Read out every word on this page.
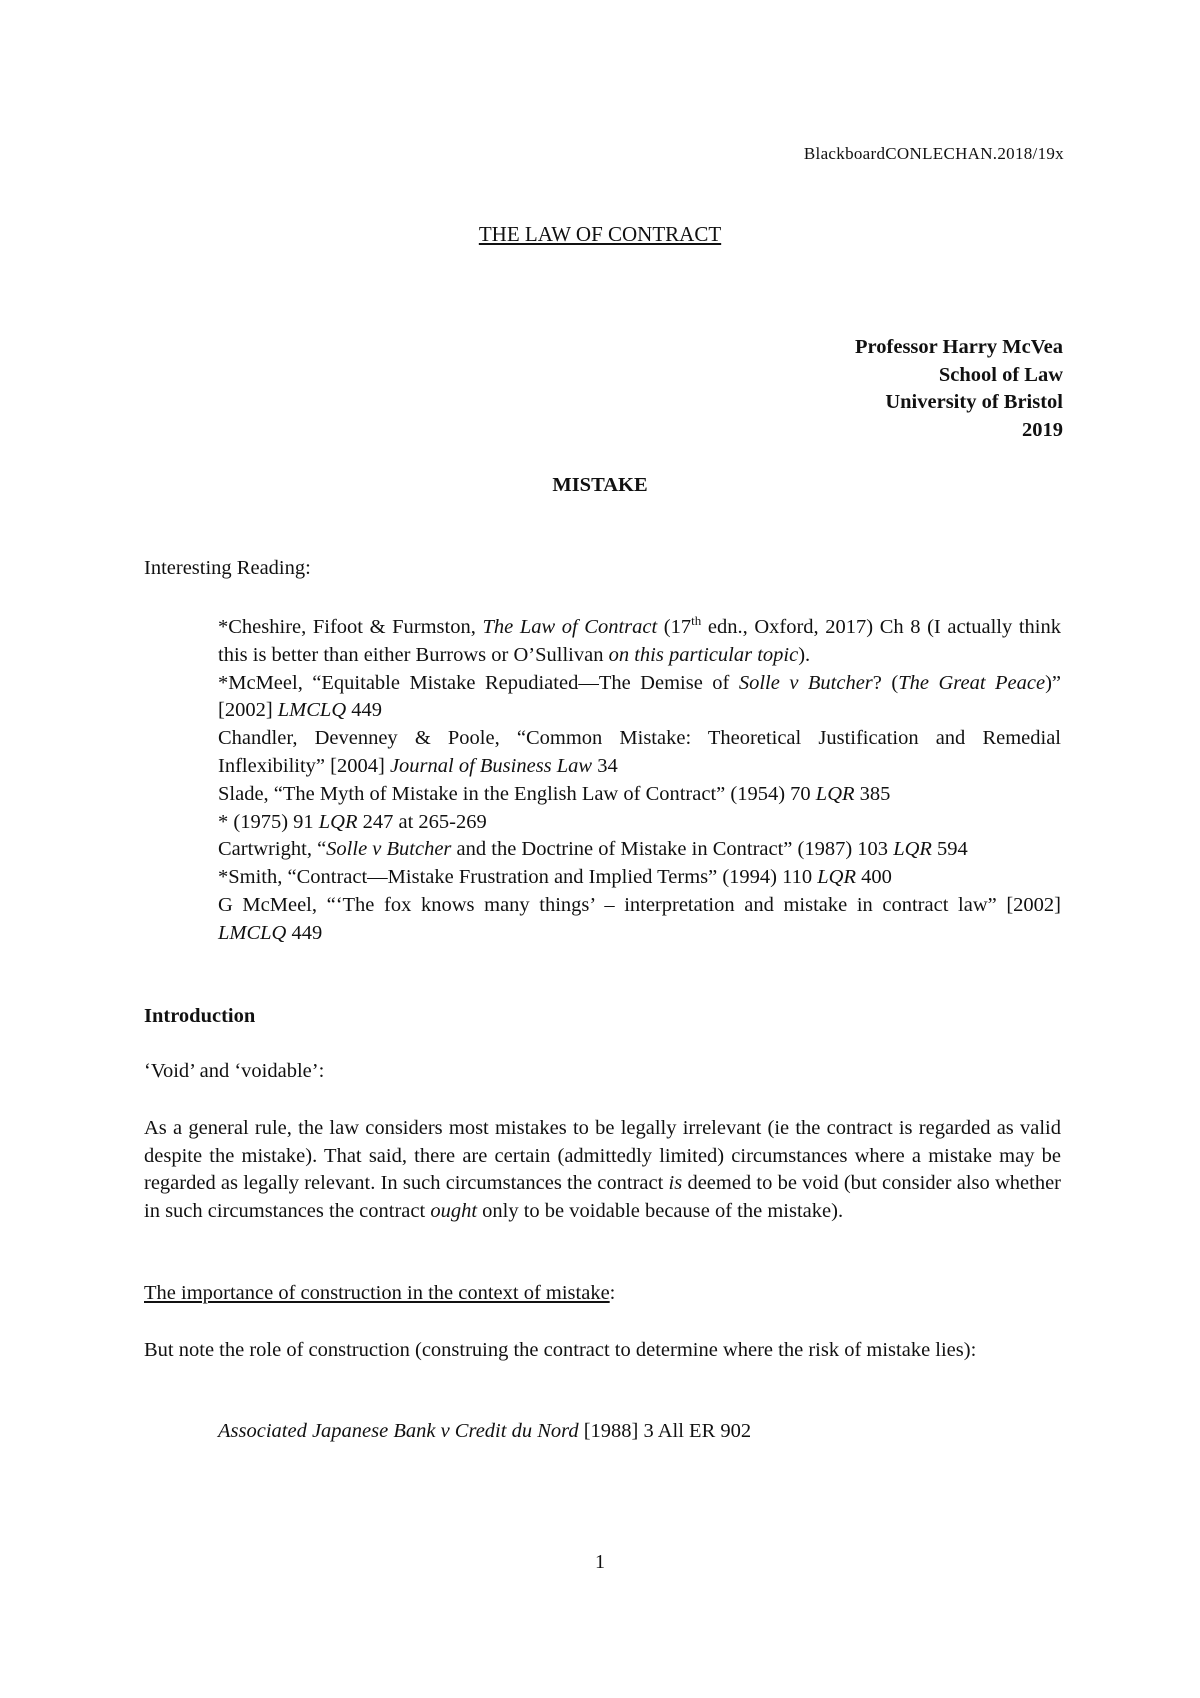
BlackboardCONLECHAN.2018/19x
THE LAW OF CONTRACT
Professor Harry McVea
School of Law
University of Bristol
2019
MISTAKE
Interesting Reading:
*Cheshire, Fifoot & Furmston, The Law of Contract (17th edn., Oxford, 2017) Ch 8 (I actually think this is better than either Burrows or O’Sullivan on this particular topic).
*McMeel, “Equitable Mistake Repudiated—The Demise of Solle v Butcher? (The Great Peace)” [2002] LMCLQ 449
Chandler, Devenney & Poole, “Common Mistake: Theoretical Justification and Remedial Inflexibility” [2004] Journal of Business Law 34
Slade, “The Myth of Mistake in the English Law of Contract” (1954) 70 LQR 385
* (1975) 91 LQR 247 at 265-269
Cartwright, “Solle v Butcher and the Doctrine of Mistake in Contract” (1987) 103 LQR 594
*Smith, “Contract—Mistake Frustration and Implied Terms” (1994) 110 LQR 400
G McMeel, “‘The fox knows many things’ – interpretation and mistake in contract law” [2002] LMCLQ 449
Introduction
‘Void’ and ‘voidable’:

As a general rule, the law considers most mistakes to be legally irrelevant (ie the contract is regarded as valid despite the mistake). That said, there are certain (admittedly limited) circumstances where a mistake may be regarded as legally relevant. In such circumstances the contract is deemed to be void (but consider also whether in such circumstances the contract ought only to be voidable because of the mistake).

The importance of construction in the context of mistake:

But note the role of construction (construing the contract to determine where the risk of mistake lies):

Associated Japanese Bank v Credit du Nord [1988] 3 All ER 902
1
